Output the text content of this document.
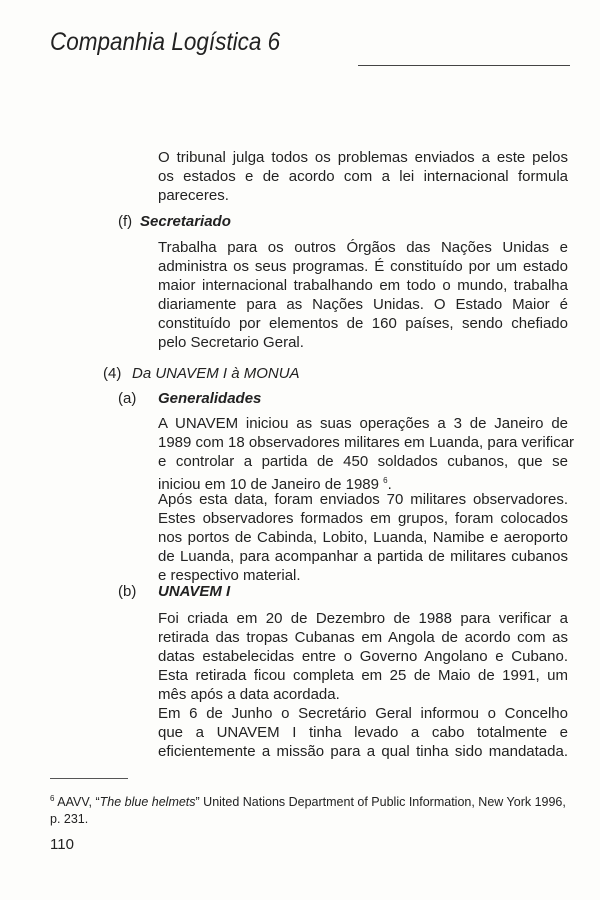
Companhia Logística 6
O tribunal julga todos os problemas enviados a este pelos
os estados e de acordo com a lei internacional formula
pareceres.
(f) Secretariado
Trabalha para os outros Órgãos das Nações Unidas e
administra os seus programas. É constituído por um estado
maior internacional trabalhando em todo o mundo, trabalha
diariamente para as Nações Unidas. O Estado Maior é
constituído por elementos de 160 países, sendo chefiado
pelo Secretario Geral.
(4) Da UNAVEM I à MONUA
(a) Generalidades
A UNAVEM iniciou as suas operações a 3 de Janeiro de
1989 com 18 observadores militares em Luanda, para verificar
e controlar a partida de 450 soldados cubanos, que se
iniciou em 10 de Janeiro de 1989 $^6$.
Após esta data, foram enviados 70 militares observadores.
Estes observadores formados em grupos, foram colocados
nos portos de Cabinda, Lobito, Luanda, Namibe e aeroporto
de Luanda, para acompanhar a partida de militares cubanos
e respectivo material.
(b) UNAVEM I
Foi criada em 20 de Dezembro de 1988 para verificar a
retirada das tropas Cubanas em Angola de acordo com as
datas estabelecidas entre o Governo Angolano e Cubano.
Esta retirada ficou completa em 25 de Maio de 1991, um
mês após a data acordada.
Em 6 de Junho o Secretário Geral informou o Concelho
que a UNAVEM I tinha levado a cabo totalmente e
eficientemente a missão para a qual tinha sido mandatada.
$^6$ AAVV, “The blue helmets” United Nations Department of Public Information, New York 1996, p. 231.
110
